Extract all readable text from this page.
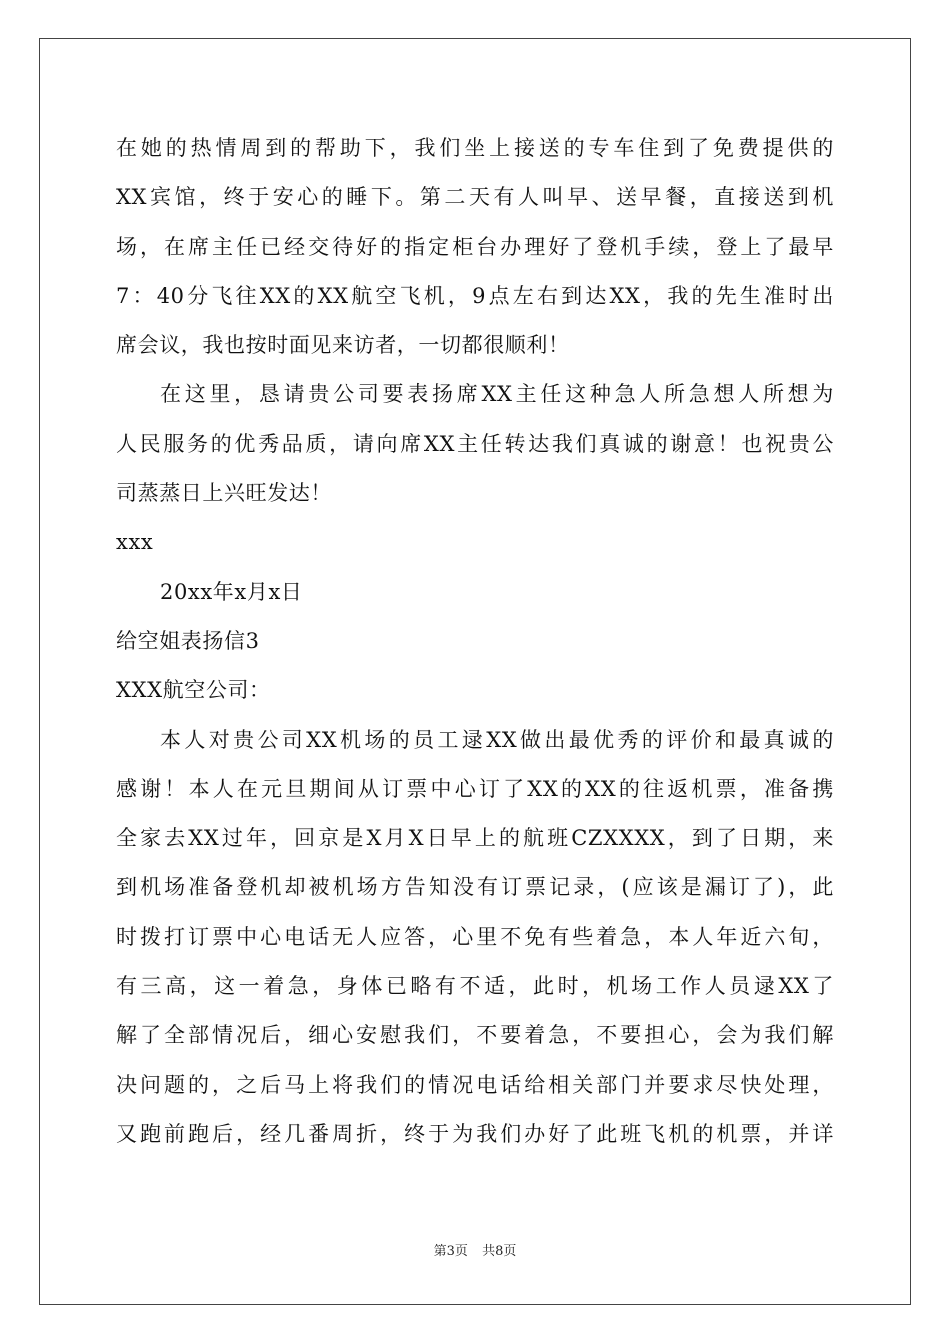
在她的热情周到的帮助下，我们坐上接送的专车住到了免费提供的
XX宾馆，终于安心的睡下。第二天有人叫早、送早餐，直接送到机
场，在席主任已经交待好的指定柜台办理好了登机手续，登上了最早
7：40分飞往XX的XX航空飞机，9点左右到达XX，我的先生准时出
席会议，我也按时面见来访者，一切都很顺利！
在这里，恳请贵公司要表扬席XX主任这种急人所急想人所想为
人民服务的优秀品质，请向席XX主任转达我们真诚的谢意！也祝贵公
司蒸蒸日上兴旺发达！
xxx
20xx年x月x日
给空姐表扬信3
XXX航空公司：
本人对贵公司XX机场的员工逯XX做出最优秀的评价和最真诚的
感谢！本人在元旦期间从订票中心订了XX的XX的往返机票，准备携
全家去XX过年，回京是X月X日早上的航班CZXXXX，到了日期，来
到机场准备登机却被机场方告知没有订票记录，(应该是漏订了)，此
时拨打订票中心电话无人应答，心里不免有些着急，本人年近六旬，
有三高，这一着急，身体已略有不适，此时，机场工作人员逯XX了
解了全部情况后，细心安慰我们，不要着急，不要担心，会为我们解
决问题的，之后马上将我们的情况电话给相关部门并要求尽快处理，
又跑前跑后，经几番周折，终于为我们办好了此班飞机的机票，并详
第3页 共8页
